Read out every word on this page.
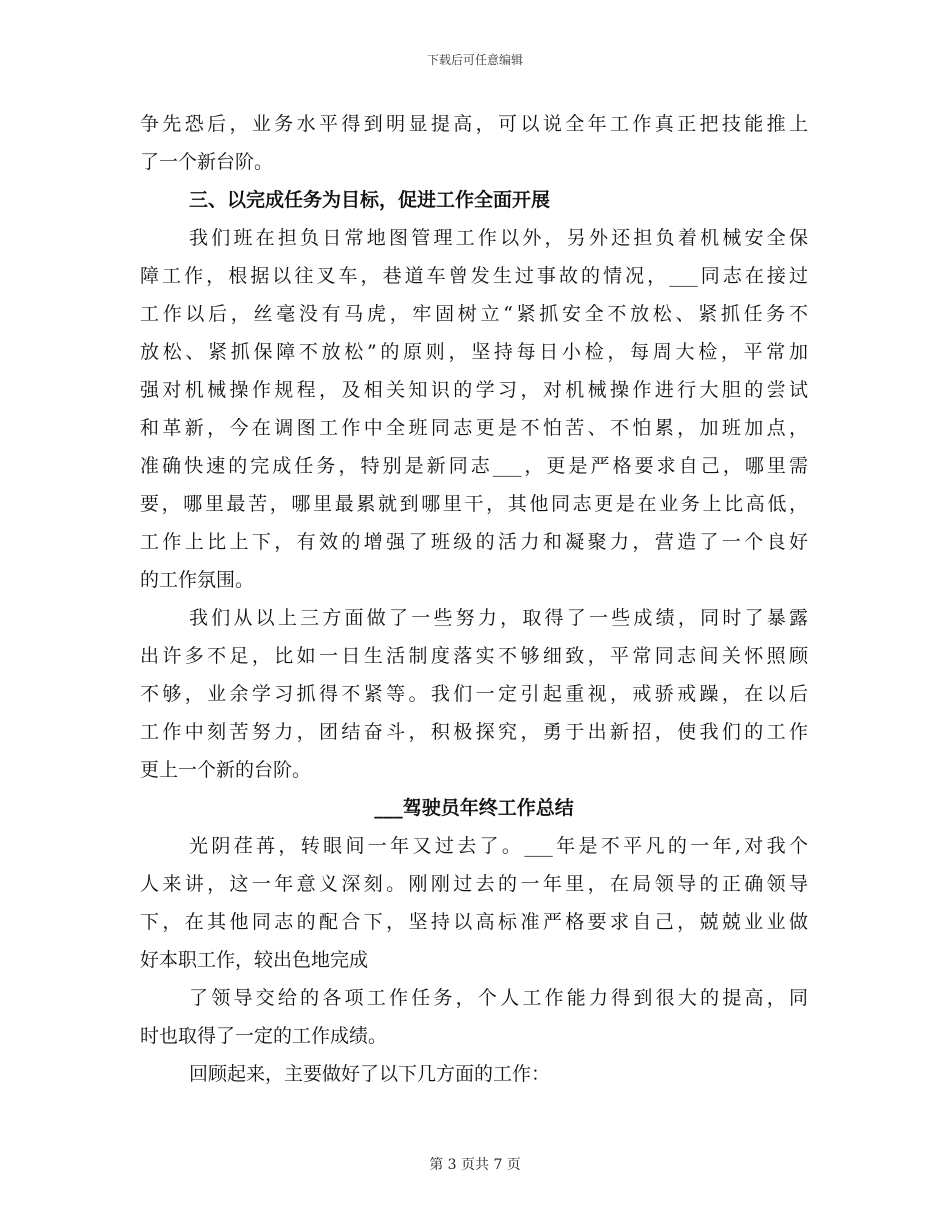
下载后可任意编辑
争先恐后，业务水平得到明显提高，可以说全年工作真正把技能推上
了一个新台阶。
三、以完成任务为目标，促进工作全面开展
我们班在担负日常地图管理工作以外，另外还担负着机械安全保
障工作，根据以往叉车，巷道车曾发生过事故的情况，___同志在接过
工作以后，丝毫没有马虎，牢固树立“紧抓安全不放松、紧抓任务不
放松、紧抓保障不放松”的原则，坚持每日小检，每周大检，平常加
强对机械操作规程，及相关知识的学习，对机械操作进行大胆的尝试
和革新，今在调图工作中全班同志更是不怕苦、不怕累，加班加点，
准确快速的完成任务，特别是新同志___，更是严格要求自己，哪里需
要，哪里最苦，哪里最累就到哪里干，其他同志更是在业务上比高低，
工作上比上下，有效的增强了班级的活力和凝聚力，营造了一个良好
的工作氛围。
我们从以上三方面做了一些努力，取得了一些成绩，同时了暴露
出许多不足，比如一日生活制度落实不够细致，平常同志间关怀照顾
不够，业余学习抓得不紧等。我们一定引起重视，戒骄戒躁，在以后
工作中刻苦努力，团结奋斗，积极探究，勇于出新招，使我们的工作
更上一个新的台阶。
___驾驶员年终工作总结
光阴荏苒，转眼间一年又过去了。___年是不平凡的一年,对我个
人来讲，这一年意义深刻。刚刚过去的一年里，在局领导的正确领导
下，在其他同志的配合下，坚持以高标准严格要求自己，兢兢业业做
好本职工作，较出色地完成
了领导交给的各项工作任务，个人工作能力得到很大的提高，同
时也取得了一定的工作成绩。
回顾起来，主要做好了以下几方面的工作：
第 3 页共 7 页
